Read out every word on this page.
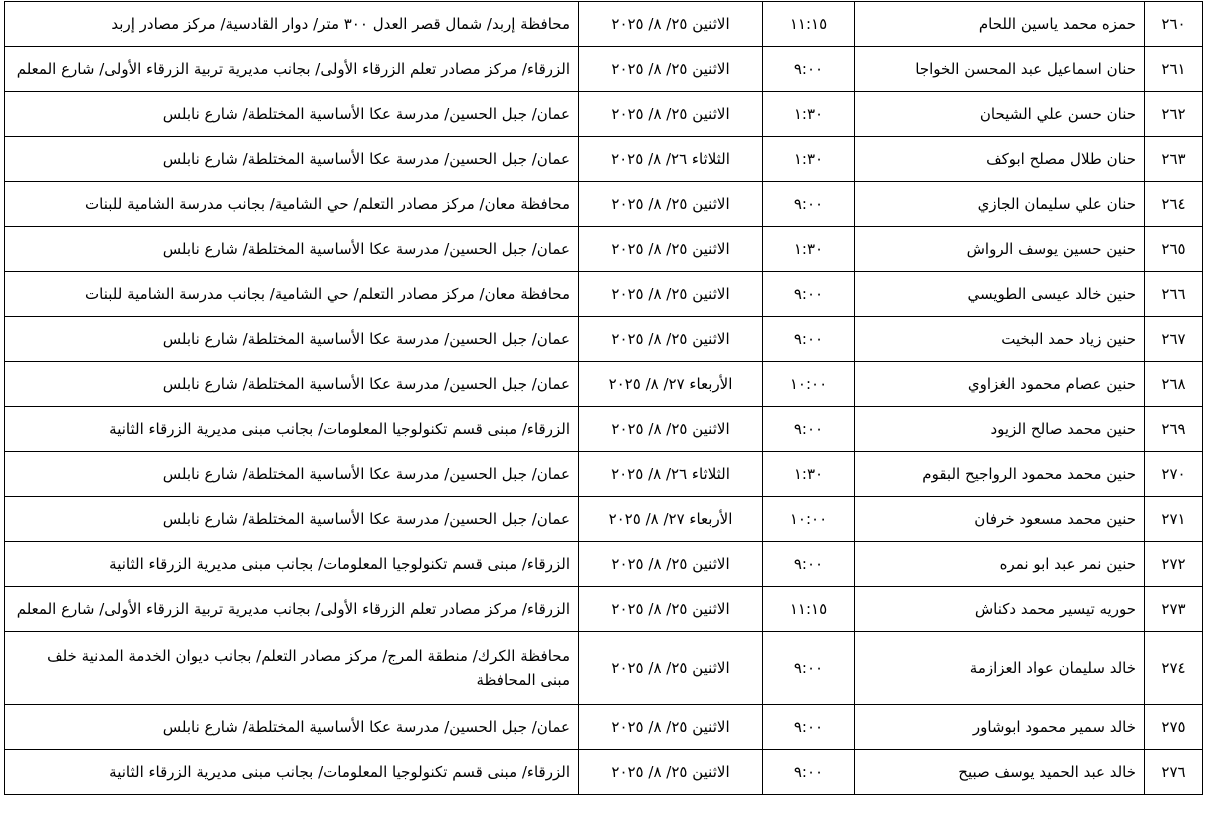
٢٦٠	حمزه محمد ياسين اللحام	١١:١٥	الاثنين ٢٥/ ٨/ ٢٠٢٥	محافظة إربد/ شمال قصر العدل ٣٠٠ متر/ دوار القادسية/ مركز مصادر إربد
٢٦١	حنان اسماعيل عبد المحسن الخواجا	٩:٠٠	الاثنين ٢٥/ ٨/ ٢٠٢٥	الزرقاء/ مركز مصادر تعلم الزرقاء الأولى/ بجانب مديرية تربية الزرقاء الأولى/ شارع المعلم
٢٦٢	حنان حسن علي الشيحان	١:٣٠	الاثنين ٢٥/ ٨/ ٢٠٢٥	عمان/ جبل الحسين/ مدرسة عكا الأساسية المختلطة/ شارع نابلس
٢٦٣	حنان طلال مصلح ابوكف	١:٣٠	الثلاثاء ٢٦/ ٨/ ٢٠٢٥	عمان/ جبل الحسين/ مدرسة عكا الأساسية المختلطة/ شارع نابلس
٢٦٤	حنان علي سليمان الجازي	٩:٠٠	الاثنين ٢٥/ ٨/ ٢٠٢٥	محافظة معان/ مركز مصادر التعلم/ حي الشامية/ بجانب مدرسة الشامية للبنات
٢٦٥	حنين حسين يوسف الرواش	١:٣٠	الاثنين ٢٥/ ٨/ ٢٠٢٥	عمان/ جبل الحسين/ مدرسة عكا الأساسية المختلطة/ شارع نابلس
٢٦٦	حنين خالد عيسى الطويسي	٩:٠٠	الاثنين ٢٥/ ٨/ ٢٠٢٥	محافظة معان/ مركز مصادر التعلم/ حي الشامية/ بجانب مدرسة الشامية للبنات
٢٦٧	حنين زياد حمد البخيت	٩:٠٠	الاثنين ٢٥/ ٨/ ٢٠٢٥	عمان/ جبل الحسين/ مدرسة عكا الأساسية المختلطة/ شارع نابلس
٢٦٨	حنين عصام محمود الغزاوي	١٠:٠٠	الأربعاء ٢٧/ ٨/ ٢٠٢٥	عمان/ جبل الحسين/ مدرسة عكا الأساسية المختلطة/ شارع نابلس
٢٦٩	حنين محمد صالح الزيود	٩:٠٠	الاثنين ٢٥/ ٨/ ٢٠٢٥	الزرقاء/ مبنى قسم تكنولوجيا المعلومات/ بجانب مبنى مديرية الزرقاء الثانية
٢٧٠	حنين محمد محمود الرواجيح البقوم	١:٣٠	الثلاثاء ٢٦/ ٨/ ٢٠٢٥	عمان/ جبل الحسين/ مدرسة عكا الأساسية المختلطة/ شارع نابلس
٢٧١	حنين محمد مسعود خرفان	١٠:٠٠	الأربعاء ٢٧/ ٨/ ٢٠٢٥	عمان/ جبل الحسين/ مدرسة عكا الأساسية المختلطة/ شارع نابلس
٢٧٢	حنين نمر عبد ابو نمره	٩:٠٠	الاثنين ٢٥/ ٨/ ٢٠٢٥	الزرقاء/ مبنى قسم تكنولوجيا المعلومات/ بجانب مبنى مديرية الزرقاء الثانية
٢٧٣	حوريه تيسير محمد دكناش	١١:١٥	الاثنين ٢٥/ ٨/ ٢٠٢٥	الزرقاء/ مركز مصادر تعلم الزرقاء الأولى/ بجانب مديرية تربية الزرقاء الأولى/ شارع المعلم
٢٧٤	خالد سليمان عواد العزازمة	٩:٠٠	الاثنين ٢٥/ ٨/ ٢٠٢٥	محافظة الكرك/ منطقة المرج/ مركز مصادر التعلم/ بجانب ديوان الخدمة المدنية خلف مبنى المحافظة
٢٧٥	خالد سمير محمود ابوشاور	٩:٠٠	الاثنين ٢٥/ ٨/ ٢٠٢٥	عمان/ جبل الحسين/ مدرسة عكا الأساسية المختلطة/ شارع نابلس
٢٧٦	خالد عبد الحميد يوسف صبيح	٩:٠٠	الاثنين ٢٥/ ٨/ ٢٠٢٥	الزرقاء/ مبنى قسم تكنولوجيا المعلومات/ بجانب مبنى مديرية الزرقاء الثانية
